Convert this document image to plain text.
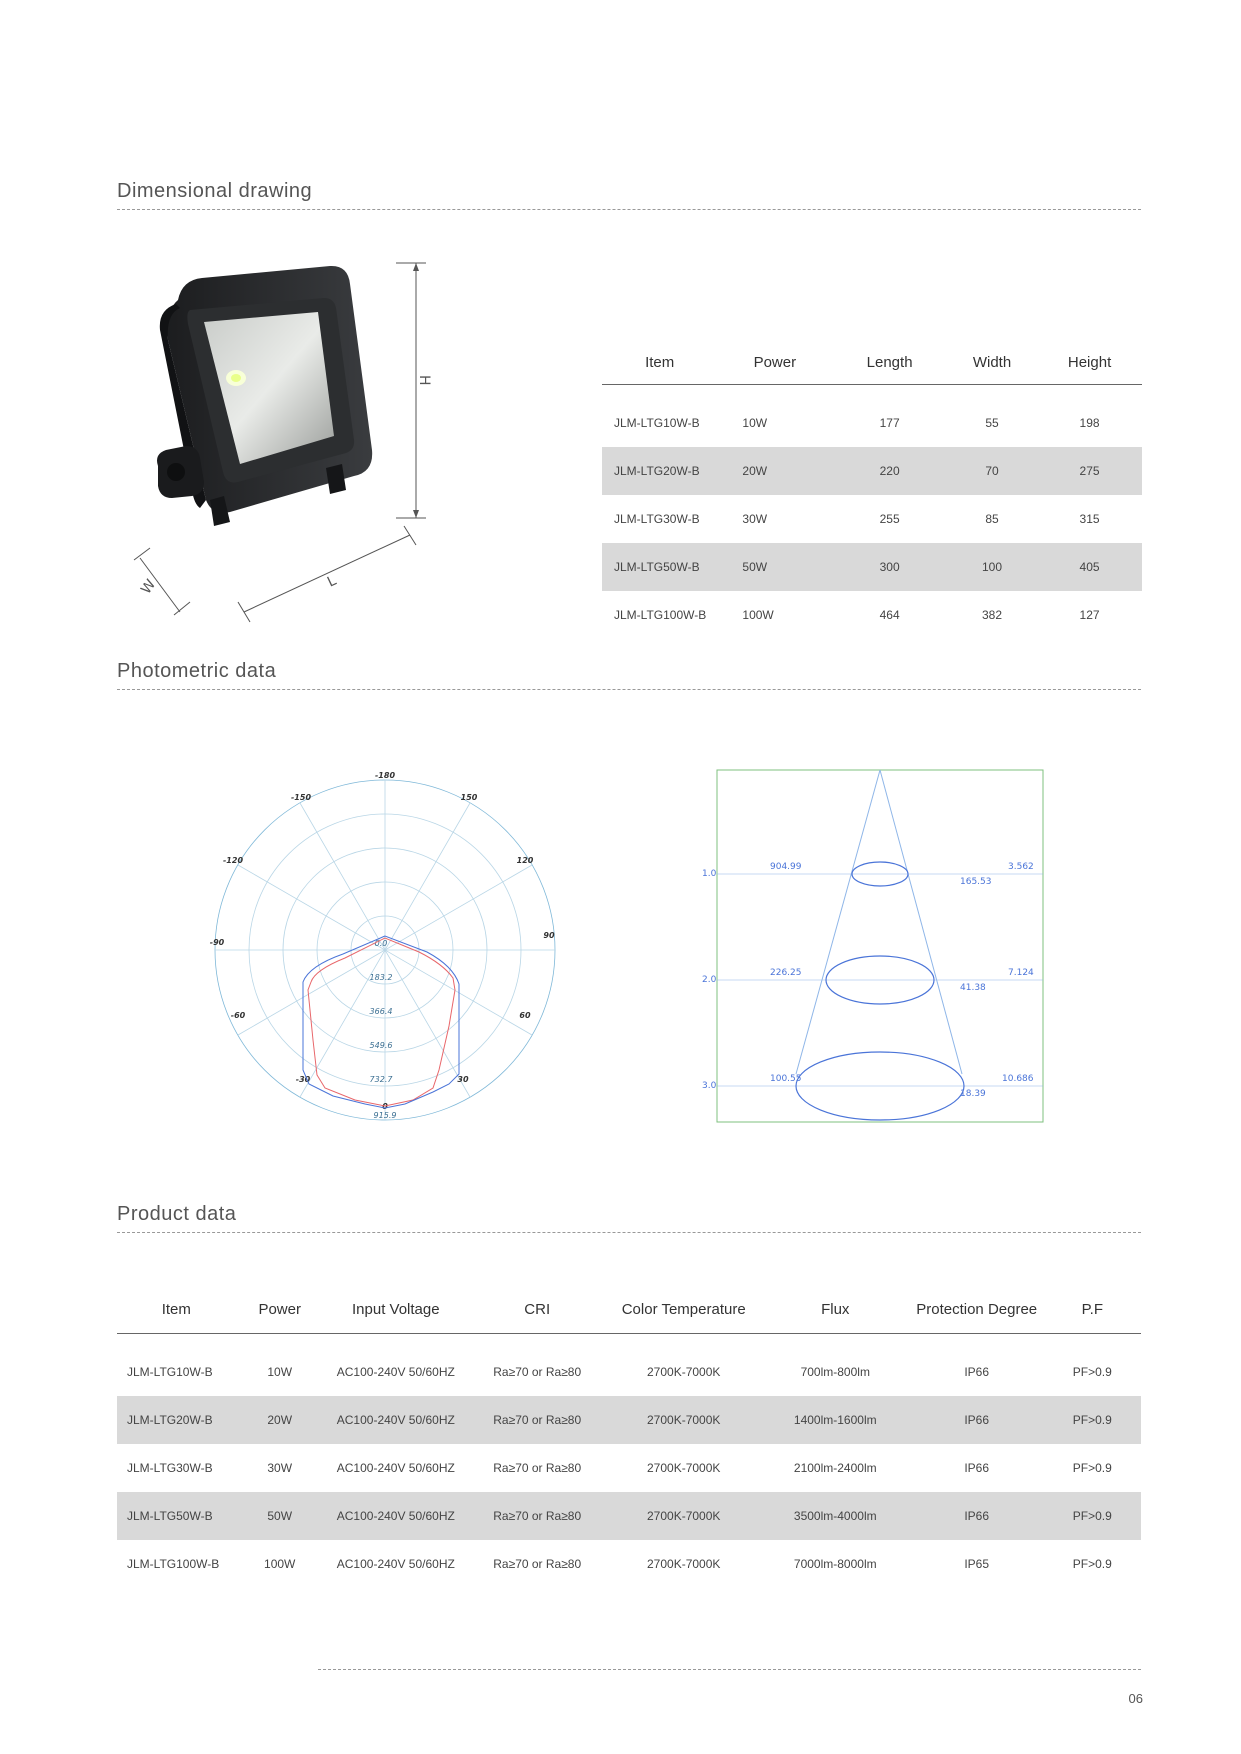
Dimensional drawing
H
W	L
Item	Power	Length	Width	Height

JLM-LTG10W-B	10W	177	55	198
JLM-LTG20W-B	20W	220	70	275
JLM-LTG30W-B	30W	255	85	315
JLM-LTG50W-B	50W	300	100	405
JLM-LTG100W-B	100W	464	382	127
Photometric data
-180
-150	150
-120	120
-90
90
-60	60
-30	30
0
0.0
183.2
366.4
549.6
732.7
915.9
1.0
2.0
3.0
904.99
226.25
100.55
165.53
41.38
18.39
3.562
7.124
10.686
Product data
Item	Power	Input Voltage	CRI	Color Temperature	Flux	Protection Degree	P.F

JLM-LTG10W-B	10W	AC100-240V 50/60HZ	Ra≥70 or Ra≥80	2700K-7000K	700lm-800lm	IP66	PF>0.9
JLM-LTG20W-B	20W	AC100-240V 50/60HZ	Ra≥70 or Ra≥80	2700K-7000K	1400lm-1600lm	IP66	PF>0.9
JLM-LTG30W-B	30W	AC100-240V 50/60HZ	Ra≥70 or Ra≥80	2700K-7000K	2100lm-2400lm	IP66	PF>0.9
JLM-LTG50W-B	50W	AC100-240V 50/60HZ	Ra≥70 or Ra≥80	2700K-7000K	3500lm-4000lm	IP66	PF>0.9
JLM-LTG100W-B	100W	AC100-240V 50/60HZ	Ra≥70 or Ra≥80	2700K-7000K	7000lm-8000lm	IP65	PF>0.9
06
